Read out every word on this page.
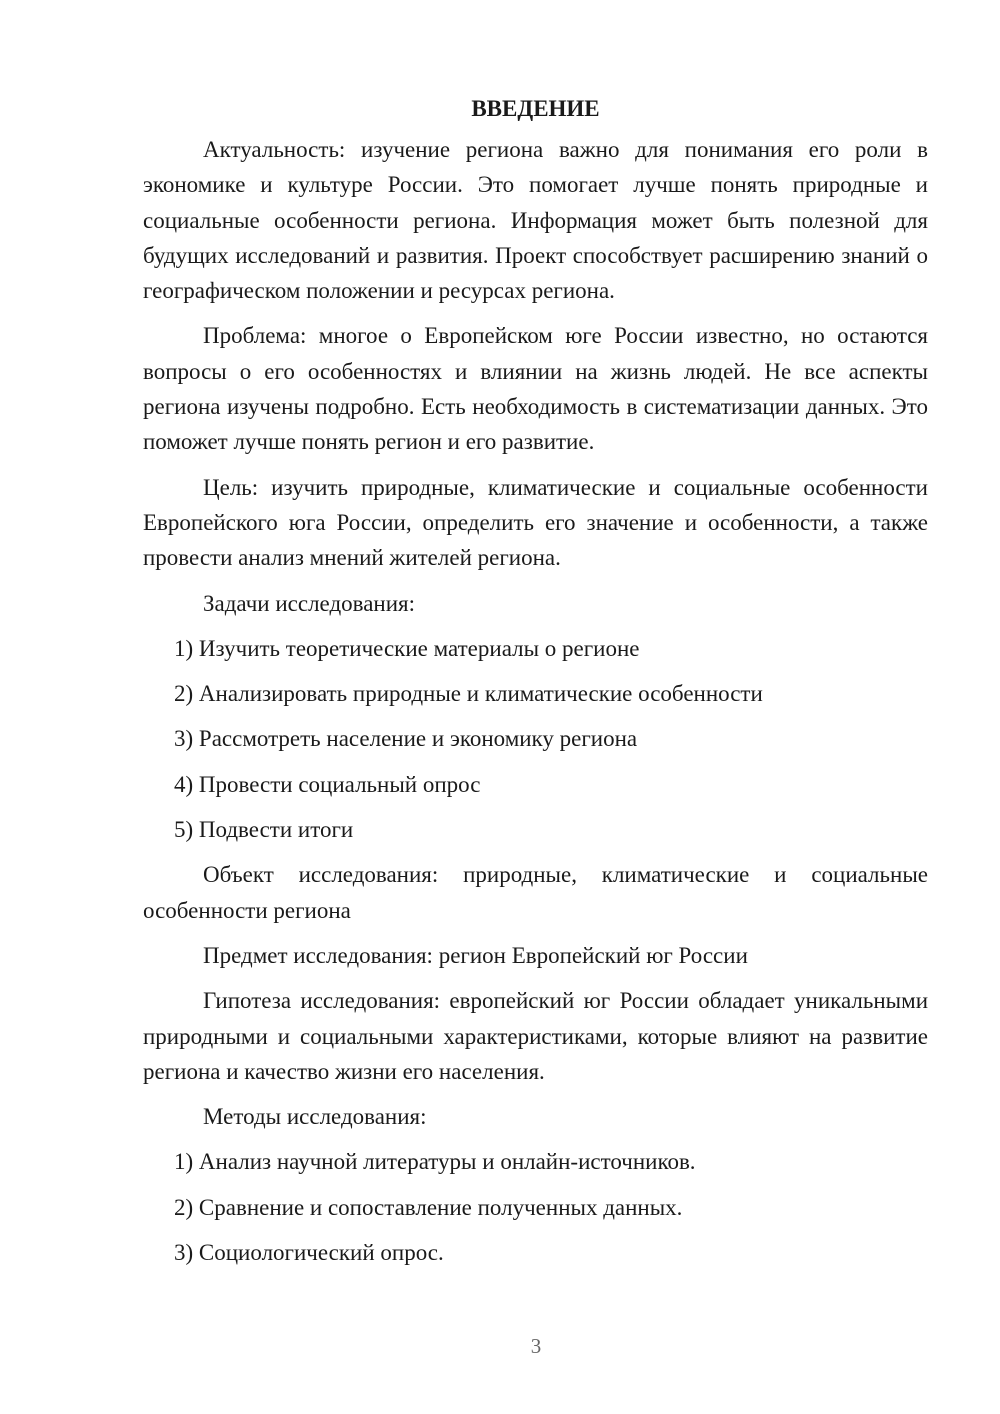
ВВЕДЕНИЕ

Актуальность: изучение региона важно для понимания его роли в экономике и культуре России. Это помогает лучше понять природные и социальные особенности региона. Информация может быть полезной для будущих исследований и развития. Проект способствует расширению знаний о географическом положении и ресурсах региона.

Проблема: многое о Европейском юге России известно, но остаются вопросы о его особенностях и влиянии на жизнь людей. Не все аспекты региона изучены подробно. Есть необходимость в систематизации данных. Это поможет лучше понять регион и его развитие.

Цель: изучить природные, климатические и социальные особенности Европейского юга России, определить его значение и особенности, а также провести анализ мнений жителей региона.

Задачи исследования:
1) Изучить теоретические материалы о регионе
2) Анализировать природные и климатические особенности
3) Рассмотреть население и экономику региона
4) Провести социальный опрос
5) Подвести итоги

Объект исследования: природные, климатические и социальные особенности региона

Предмет исследования: регион Европейский юг России

Гипотеза исследования: европейский юг России обладает уникальными природными и социальными характеристиками, которые влияют на развитие региона и качество жизни его населения.

Методы исследования:
1) Анализ научной литературы и онлайн-источников.
2) Сравнение и сопоставление полученных данных.
3) Социологический опрос.
3
